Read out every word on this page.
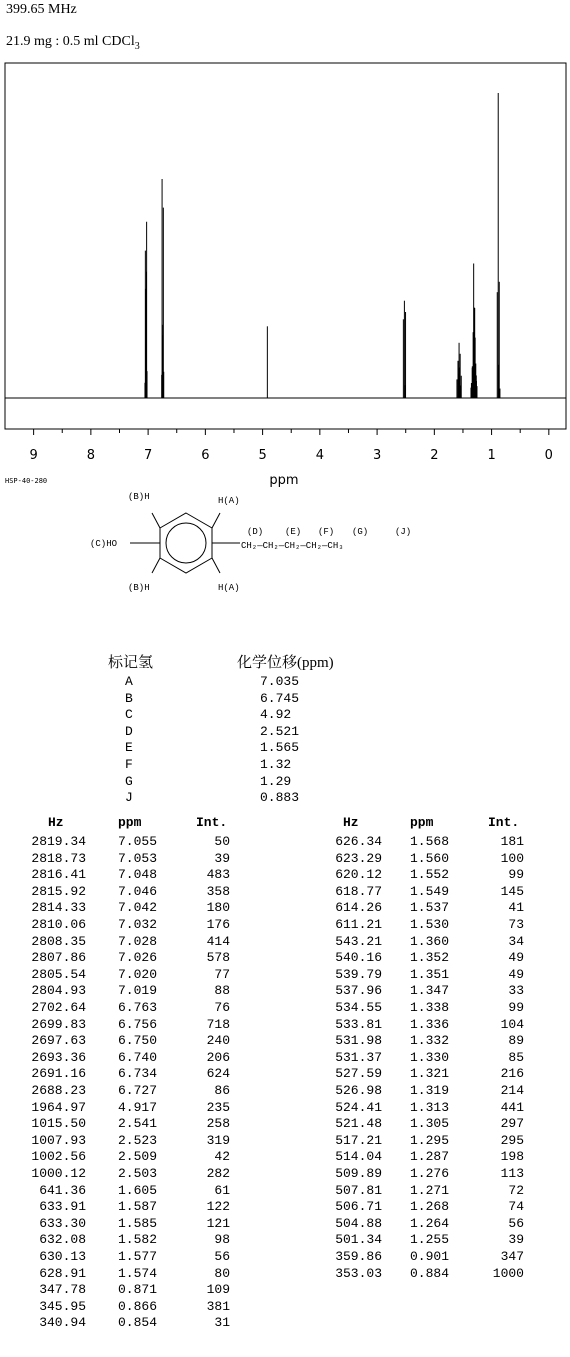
399.65 MHz
21.9 mg : 0.5 ml CDCl$_3$
9	8	7	6	5	4	3	2	1	0
ppm
HSP-40-280
(B)H	H(A)
(B)H	H(A)
(C)HO
(D) (E) (F) (G)	(J)
CH₂—CH₂—CH₂—CH₂—CH₃
标记氢	化学位移(ppm)
A	7.035
B	6.745
C	4.92
D	2.521
E	1.565
F	1.32
G	1.29
J	0.883
Hz	ppm	Int.
2819.34 7.055	50
2818.73 7.053	39
2816.41 7.048	483
2815.92 7.046	358
2814.33 7.042	180
2810.06 7.032	176
2808.35 7.028	414
2807.86 7.026	578
2805.54 7.020	77
2804.93 7.019	88
2702.64 6.763	76
2699.83 6.756	718
2697.63 6.750	240
2693.36 6.740	206
2691.16 6.734	624
2688.23 6.727	86
1964.97 4.917	235
1015.50 2.541	258
1007.93 2.523	319
1002.56 2.509	42
1000.12 2.503	282
641.36 1.605	61
633.91 1.587	122
633.30 1.585	121
632.08 1.582	98
630.13 1.577	56
628.91 1.574	80
347.78 0.871	109
345.95 0.866	381
340.94 0.854	31
Hz	ppm	Int.
626.34 1.568	181
623.29 1.560	100
620.12 1.552	99
618.77 1.549	145
614.26 1.537	41
611.21 1.530	73
543.21 1.360	34
540.16 1.352	49
539.79 1.351	49
537.96 1.347	33
534.55 1.338	99
533.81 1.336	104
531.98 1.332	89
531.37 1.330	85
527.59 1.321	216
526.98 1.319	214
524.41 1.313	441
521.48 1.305	297
517.21 1.295	295
514.04 1.287	198
509.89 1.276	113
507.81 1.271	72
506.71 1.268	74
504.88 1.264	56
501.34 1.255	39
359.86 0.901	347
353.03 0.884	1000
